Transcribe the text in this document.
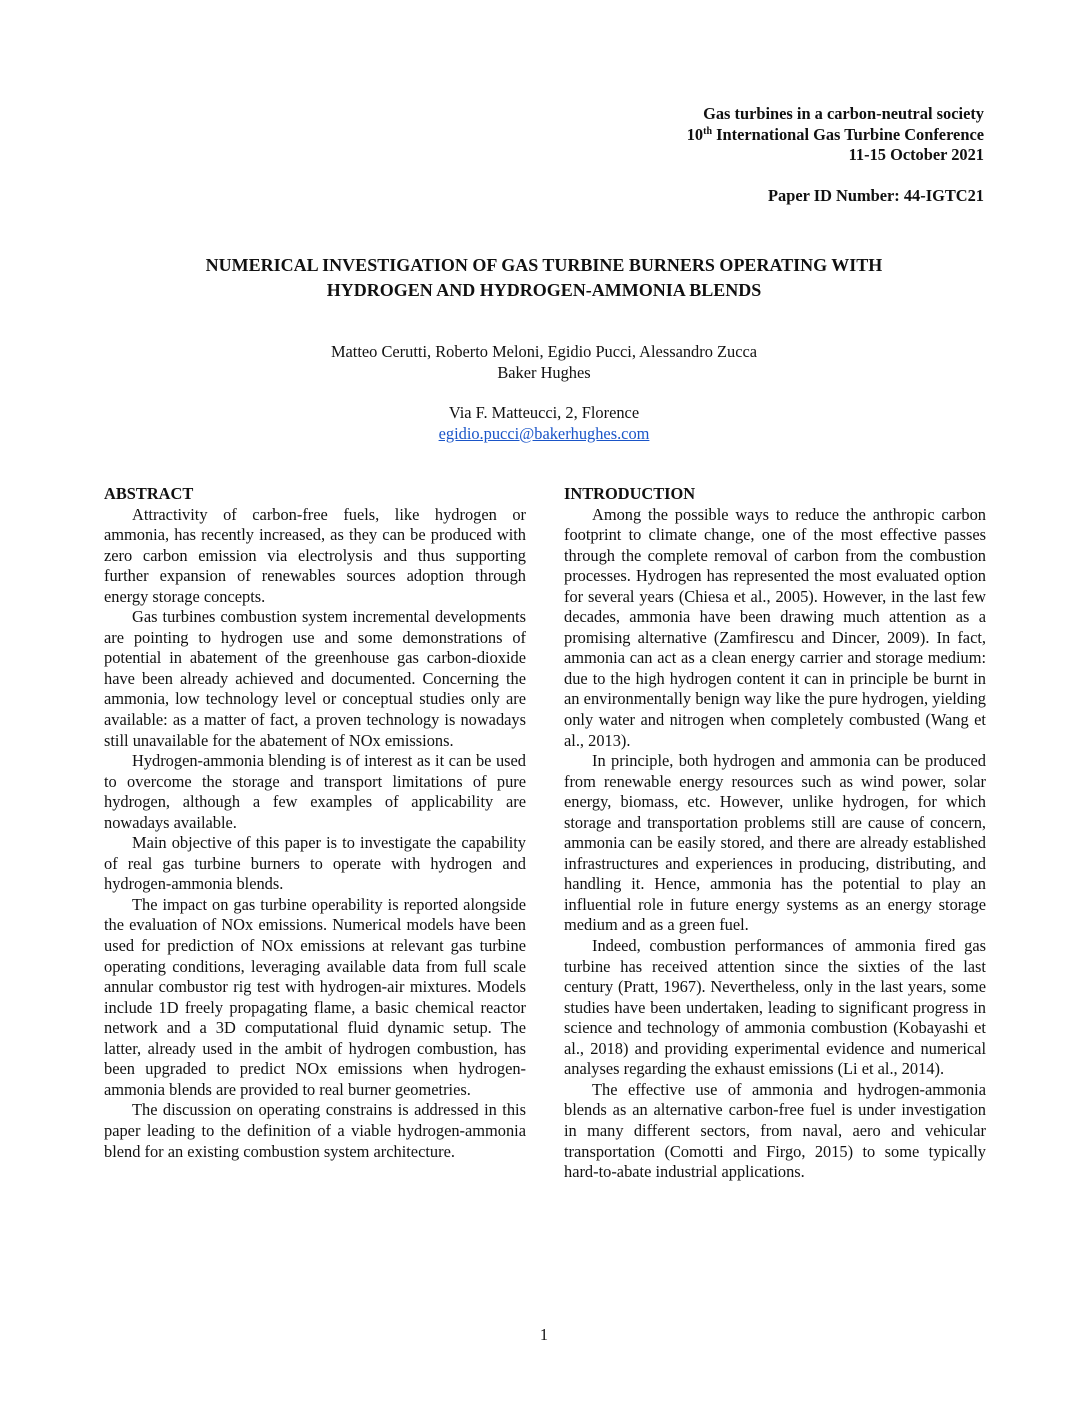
Gas turbines in a carbon-neutral society
10th International Gas Turbine Conference
11-15 October 2021
Paper ID Number: 44-IGTC21
NUMERICAL INVESTIGATION OF GAS TURBINE BURNERS OPERATING WITH
HYDROGEN AND HYDROGEN-AMMONIA BLENDS
Matteo Cerutti, Roberto Meloni, Egidio Pucci, Alessandro Zucca
Baker Hughes
Via F. Matteucci, 2, Florence
egidio.pucci@bakerhughes.com
ABSTRACT

Attractivity of carbon-free fuels, like hydrogen or ammonia, has recently increased, as they can be produced with zero carbon emission via electrolysis and thus supporting further expansion of renewables sources adoption through energy storage concepts.

Gas turbines combustion system incremental developments are pointing to hydrogen use and some demonstrations of potential in abatement of the greenhouse gas carbon-dioxide have been already achieved and documented. Concerning the ammonia, low technology level or conceptual studies only are available: as a matter of fact, a proven technology is nowadays still unavailable for the abatement of NOx emissions.

Hydrogen-ammonia blending is of interest as it can be used to overcome the storage and transport limitations of pure hydrogen, although a few examples of applicability are nowadays available.

Main objective of this paper is to investigate the capability of real gas turbine burners to operate with hydrogen and hydrogen-ammonia blends.

The impact on gas turbine operability is reported alongside the evaluation of NOx emissions. Numerical models have been used for prediction of NOx emissions at relevant gas turbine operating conditions, leveraging available data from full scale annular combustor rig test with hydrogen-air mixtures. Models include 1D freely propagating flame, a basic chemical reactor network and a 3D computational fluid dynamic setup. The latter, already used in the ambit of hydrogen combustion, has been upgraded to predict NOx emissions when hydrogen-ammonia blends are provided to real burner geometries.

The discussion on operating constrains is addressed in this paper leading to the definition of a viable hydrogen-ammonia blend for an existing combustion system architecture.

INTRODUCTION

Among the possible ways to reduce the anthropic carbon footprint to climate change, one of the most effective passes through the complete removal of carbon from the combustion processes. Hydrogen has represented the most evaluated option for several years (Chiesa et al., 2005). However, in the last few decades, ammonia have been drawing much attention as a promising alternative (Zamfirescu and Dincer, 2009). In fact, ammonia can act as a clean energy carrier and storage medium: due to the high hydrogen content it can in principle be burnt in an environmentally benign way like the pure hydrogen, yielding only water and nitrogen when completely combusted (Wang et al., 2013).

In principle, both hydrogen and ammonia can be produced from renewable energy resources such as wind power, solar energy, biomass, etc. However, unlike hydrogen, for which storage and transportation problems still are cause of concern, ammonia can be easily stored, and there are already established infrastructures and experiences in producing, distributing, and handling it. Hence, ammonia has the potential to play an influential role in future energy systems as an energy storage medium and as a green fuel.

Indeed, combustion performances of ammonia fired gas turbine has received attention since the sixties of the last century (Pratt, 1967). Nevertheless, only in the last years, some studies have been undertaken, leading to significant progress in science and technology of ammonia combustion (Kobayashi et al., 2018) and providing experimental evidence and numerical analyses regarding the exhaust emissions (Li et al., 2014).

The effective use of ammonia and hydrogen-ammonia blends as an alternative carbon-free fuel is under investigation in many different sectors, from naval, aero and vehicular transportation (Comotti and Firgo, 2015) to some typically hard-to-abate industrial applications.

1
